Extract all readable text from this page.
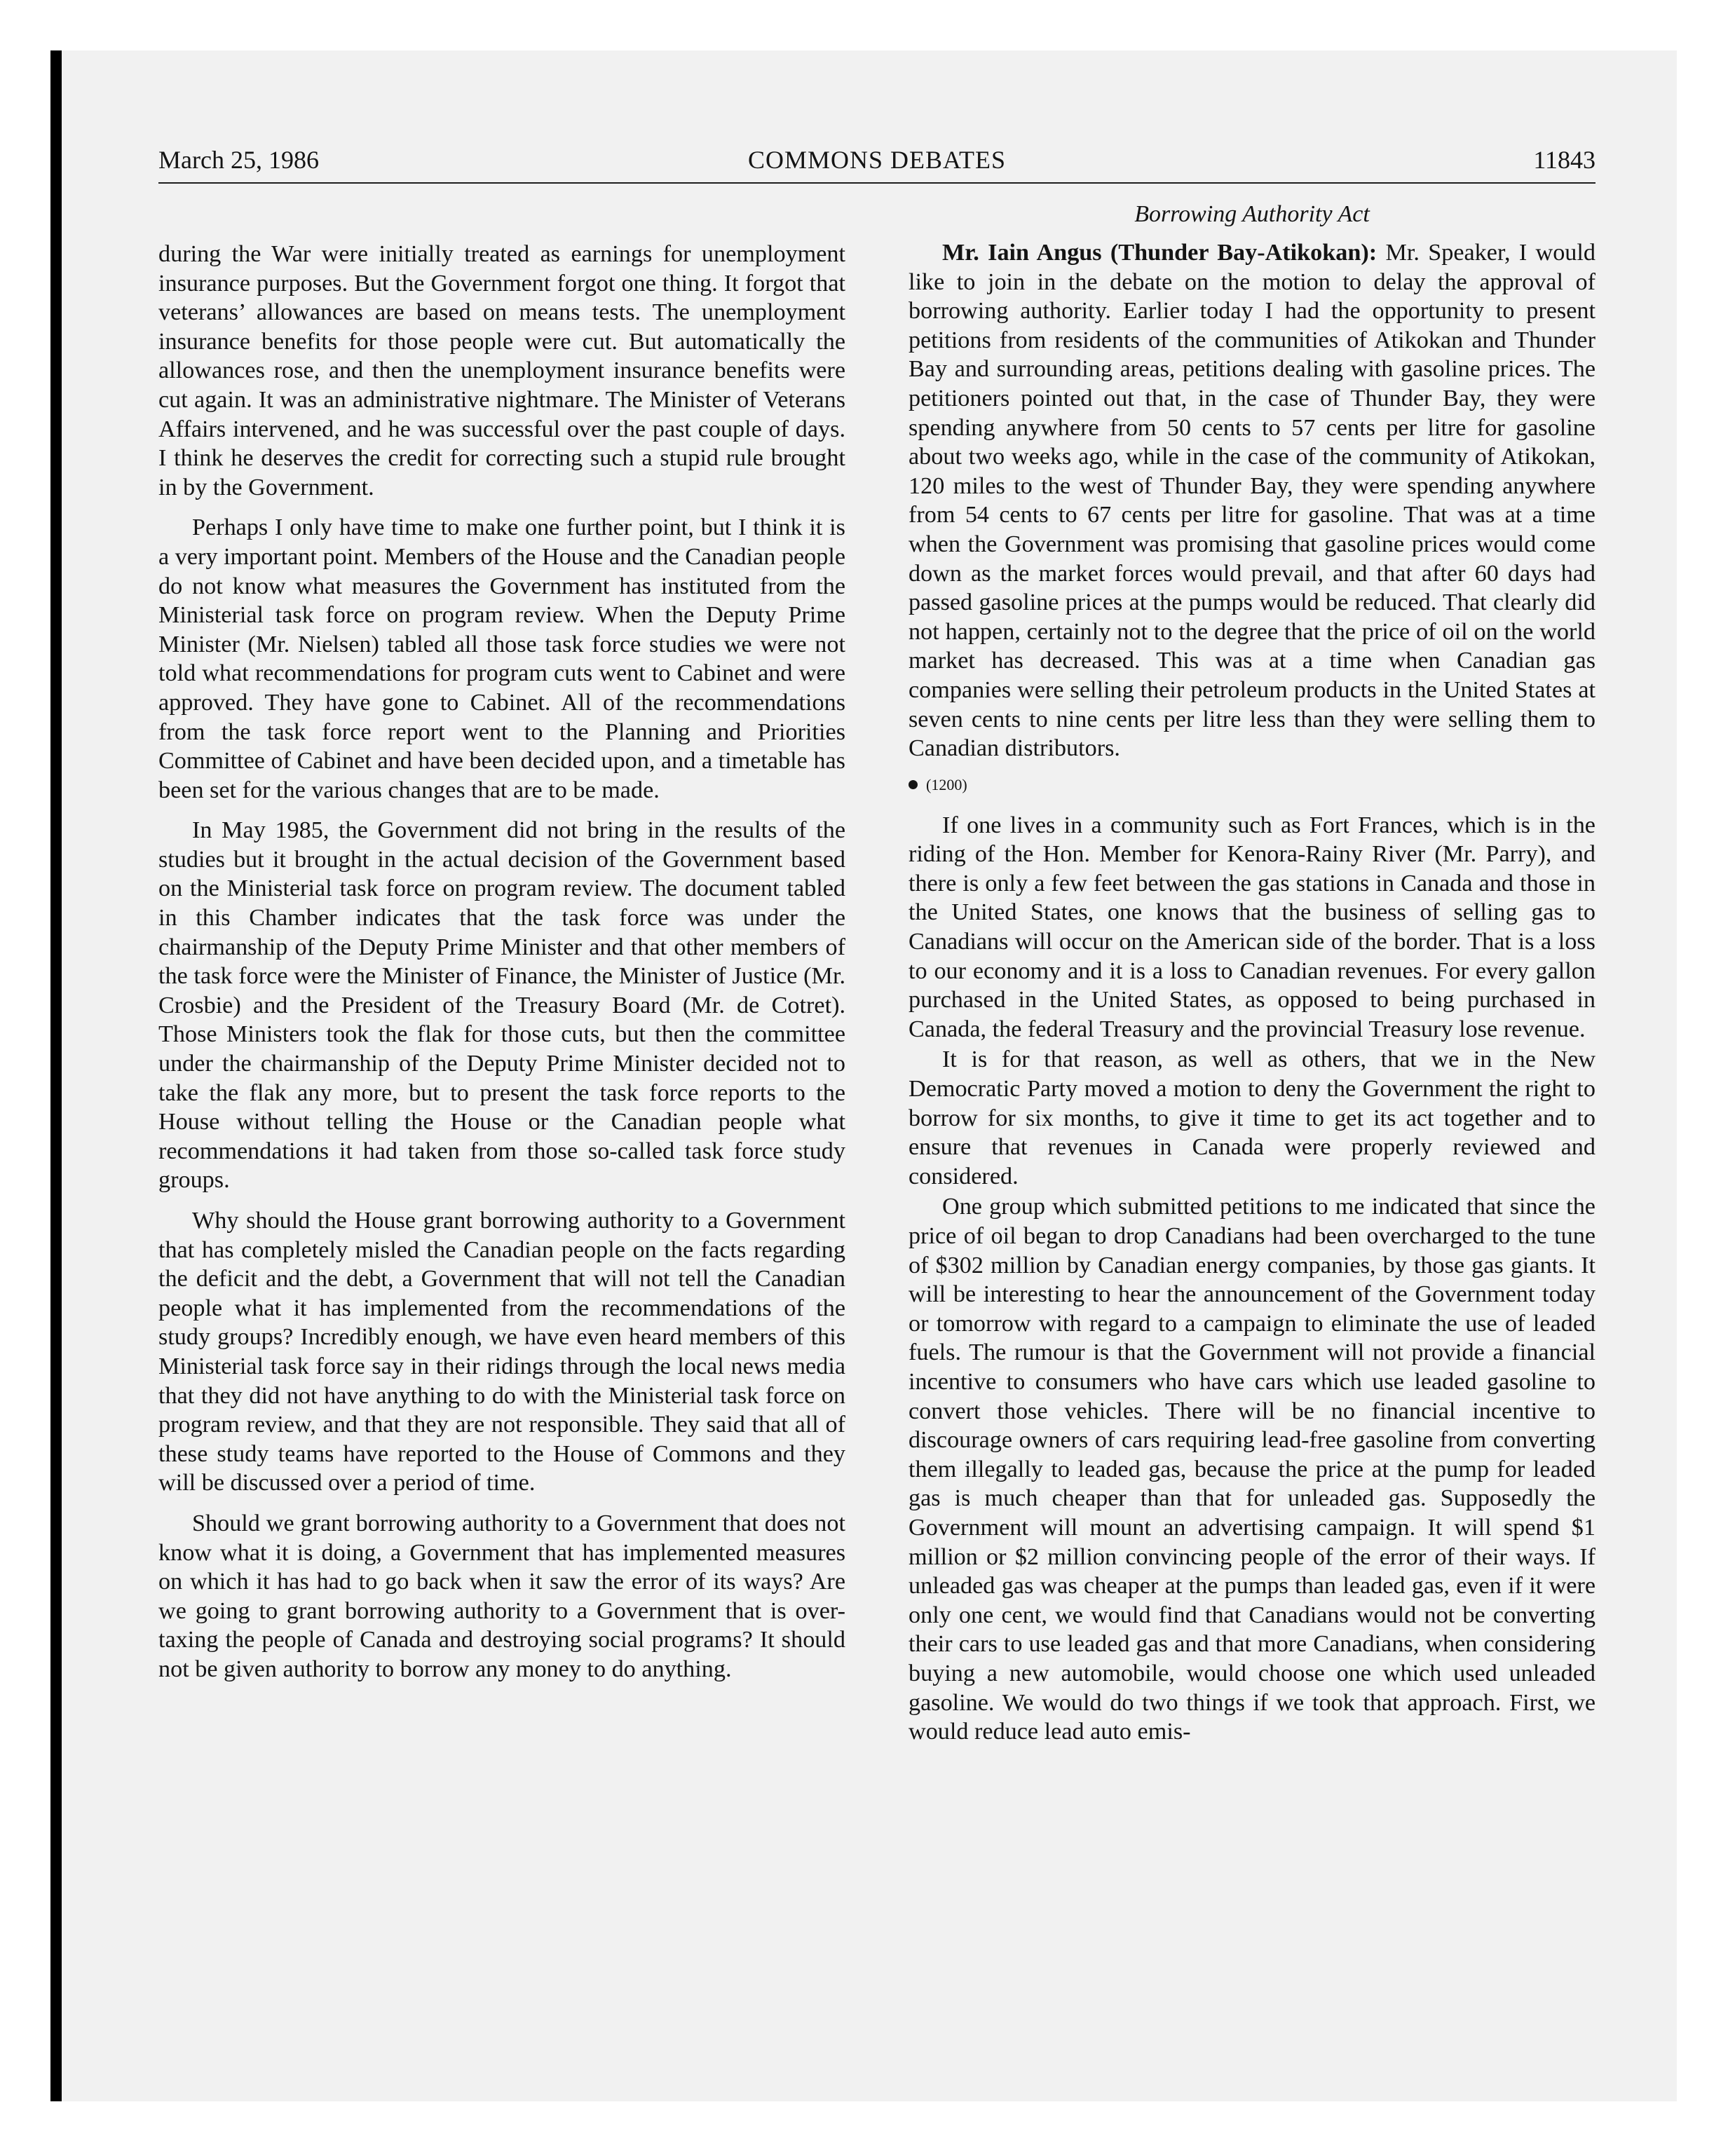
March 25, 1986	COMMONS DEBATES	11843

during the War were initially treated as earnings for unemployment insurance purposes. But the Government forgot one thing. It forgot that veterans’ allowances are based on means tests. The unemployment insurance benefits for those people were cut. But automatically the allowances rose, and then the unemployment insurance benefits were cut again. It was an administrative nightmare. The Minister of Veterans Affairs intervened, and he was successful over the past couple of days. I think he deserves the credit for correcting such a stupid rule brought in by the Government.

Perhaps I only have time to make one further point, but I think it is a very important point. Members of the House and the Canadian people do not know what measures the Government has instituted from the Ministerial task force on program review. When the Deputy Prime Minister (Mr. Nielsen) tabled all those task force studies we were not told what recommendations for program cuts went to Cabinet and were approved. They have gone to Cabinet. All of the recommendations from the task force report went to the Planning and Priorities Committee of Cabinet and have been decided upon, and a timetable has been set for the various changes that are to be made.

In May 1985, the Government did not bring in the results of the studies but it brought in the actual decision of the Government based on the Ministerial task force on program review. The document tabled in this Chamber indicates that the task force was under the chairmanship of the Deputy Prime Minister and that other members of the task force were the Minister of Finance, the Minister of Justice (Mr. Crosbie) and the President of the Treasury Board (Mr. de Cotret). Those Ministers took the flak for those cuts, but then the committee under the chairmanship of the Deputy Prime Minister decided not to take the flak any more, but to present the task force reports to the House without telling the House or the Canadian people what recommendations it had taken from those so-called task force study groups.

Why should the House grant borrowing authority to a Government that has completely misled the Canadian people on the facts regarding the deficit and the debt, a Government that will not tell the Canadian people what it has implemented from the recommendations of the study groups? Incredibly enough, we have even heard members of this Ministerial task force say in their ridings through the local news media that they did not have anything to do with the Ministerial task force on program review, and that they are not responsible. They said that all of these study teams have reported to the House of Commons and they will be discussed over a period of time.

Should we grant borrowing authority to a Government that does not know what it is doing, a Government that has implemented measures on which it has had to go back when it saw the error of its ways? Are we going to grant borrowing authority to a Government that is over-taxing the people of Canada and destroying social programs? It should not be given authority to borrow any money to do anything.

Borrowing Authority Act

Mr. Iain Angus (Thunder Bay-Atikokan): Mr. Speaker, I would like to join in the debate on the motion to delay the approval of borrowing authority. Earlier today I had the opportunity to present petitions from residents of the communities of Atikokan and Thunder Bay and surrounding areas, petitions dealing with gasoline prices. The petitioners pointed out that, in the case of Thunder Bay, they were spending anywhere from 50 cents to 57 cents per litre for gasoline about two weeks ago, while in the case of the community of Atikokan, 120 miles to the west of Thunder Bay, they were spending anywhere from 54 cents to 67 cents per litre for gasoline. That was at a time when the Government was promising that gasoline prices would come down as the market forces would prevail, and that after 60 days had passed gasoline prices at the pumps would be reduced. That clearly did not happen, certainly not to the degree that the price of oil on the world market has decreased. This was at a time when Canadian gas companies were selling their petroleum products in the United States at seven cents to nine cents per litre less than they were selling them to Canadian distributors.

(1200)

If one lives in a community such as Fort Frances, which is in the riding of the Hon. Member for Kenora-Rainy River (Mr. Parry), and there is only a few feet between the gas stations in Canada and those in the United States, one knows that the business of selling gas to Canadians will occur on the American side of the border. That is a loss to our economy and it is a loss to Canadian revenues. For every gallon purchased in the United States, as opposed to being purchased in Canada, the federal Treasury and the provincial Treasury lose revenue.

It is for that reason, as well as others, that we in the New Democratic Party moved a motion to deny the Government the right to borrow for six months, to give it time to get its act together and to ensure that revenues in Canada were properly reviewed and considered.

One group which submitted petitions to me indicated that since the price of oil began to drop Canadians had been overcharged to the tune of $302 million by Canadian energy companies, by those gas giants. It will be interesting to hear the announcement of the Government today or tomorrow with regard to a campaign to eliminate the use of leaded fuels. The rumour is that the Government will not provide a financial incentive to consumers who have cars which use leaded gasoline to convert those vehicles. There will be no financial incentive to discourage owners of cars requiring lead-free gasoline from converting them illegally to leaded gas, because the price at the pump for leaded gas is much cheaper than that for unleaded gas. Supposedly the Government will mount an advertising campaign. It will spend $1 million or $2 million convincing people of the error of their ways. If unleaded gas was cheaper at the pumps than leaded gas, even if it were only one cent, we would find that Canadians would not be converting their cars to use leaded gas and that more Canadians, when considering buying a new automobile, would choose one which used unleaded gasoline. We would do two things if we took that approach. First, we would reduce lead auto emis-
